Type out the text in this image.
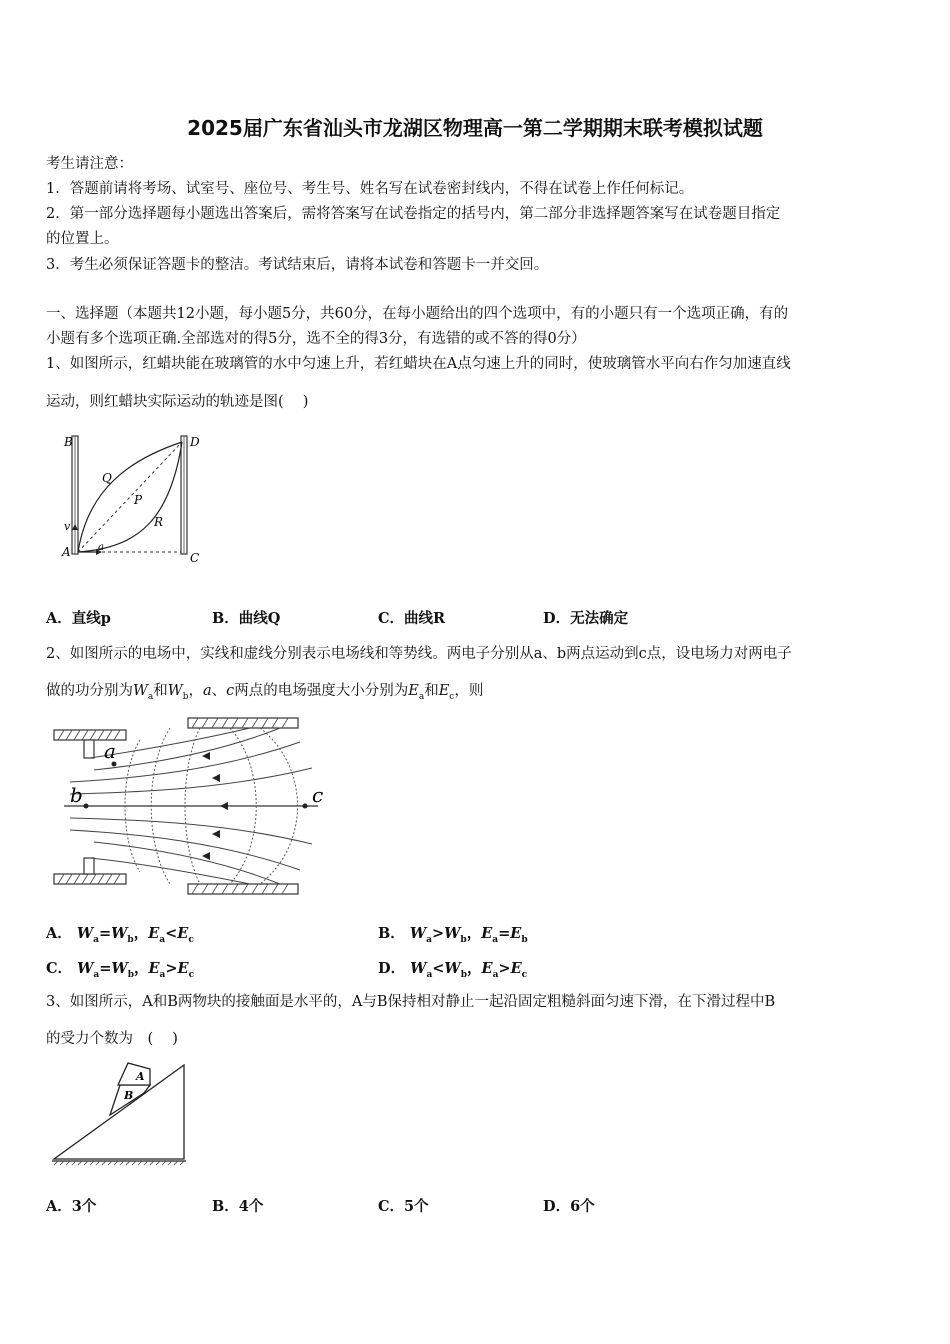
2025届广东省汕头市龙湖区物理高一第二学期期末联考模拟试题
考生请注意：
1．答题前请将考场、试室号、座位号、考生号、姓名写在试卷密封线内，不得在试卷上作任何标记。
2．第一部分选择题每小题选出答案后，需将答案写在试卷指定的括号内，第二部分非选择题答案写在试卷题目指定
的位置上。
3．考生必须保证答题卡的整洁。考试结束后，请将本试卷和答题卡一并交回。
一、选择题（本题共12小题，每小题5分，共60分，在每小题给出的四个选项中，有的小题只有一个选项正确，有的
小题有多个选项正确.全部选对的得5分，选不全的得3分，有选错的或不答的得0分）
1、如图所示，红蜡块能在玻璃管的水中匀速上升，若红蜡块在A点匀速上升的同时，使玻璃管水平向右作匀加速直线
运动，则红蜡块实际运动的轨迹是图(　 )
B	D
Q
P
R
v
A	a
C
A．直线p	B．曲线Q	C．曲线R	D．无法确定
2、如图所示的电场中，实线和虚线分别表示电场线和等势线。两电子分别从a、b两点运动到c点，设电场力对两电子
做的功分别为$W_a$和$W_b$，a、c两点的电场强度大小分别为$E_a$和$E_c$，则
a
b	c
A． $W_a=W_b$，$E_a<E_c$	B． $W_a>W_b$，$E_a=E_b$
C． $W_a=W_b$，$E_a>E_c$	D． $W_a<W_b$，$E_a>E_c$
3、如图所示，A和B两物块的接触面是水平的，A与B保持相对静止一起沿固定粗糙斜面匀速下滑，在下滑过程中B
的受力个数为　(　 )
A
B
A．3个	B．4个	C．5个	D．6个
